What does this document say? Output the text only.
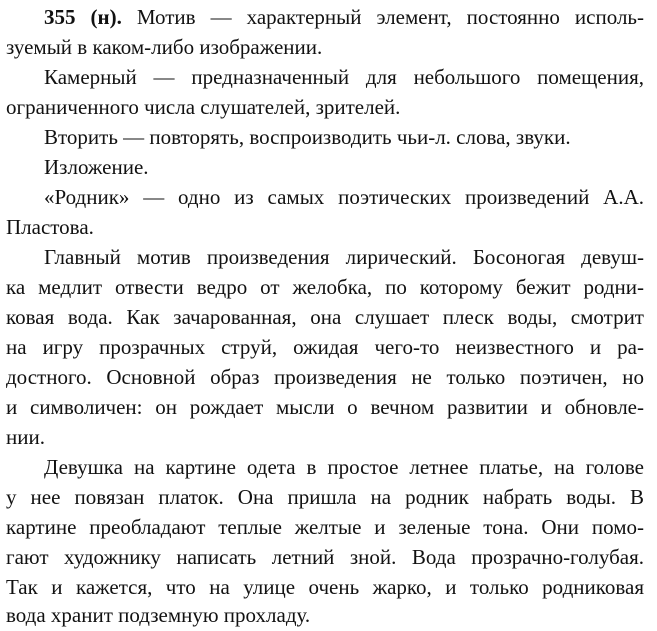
355 (н). Мотив — характерный элемент, постоянно исполь-
зуемый в каком-либо изображении.
Камерный — предназначенный для небольшого помещения,
ограниченного числа слушателей, зрителей.
Вторить — повторять, воспроизводить чьи-л. слова, звуки.
Изложение.
«Родник» — одно из самых поэтических произведений А.А.
Пластова.
Главный мотив произведения лирический. Босоногая девуш-
ка медлит отвести ведро от желобка, по которому бежит родни-
ковая вода. Как зачарованная, она слушает плеск воды, смотрит
на игру прозрачных струй, ожидая чего-то неизвестного и ра-
достного. Основной образ произведения не только поэтичен, но
и символичен: он рождает мысли о вечном развитии и обновле-
нии.
Девушка на картине одета в простое летнее платье, на голове
у нее повязан платок. Она пришла на родник набрать воды. В
картине преобладают теплые желтые и зеленые тона. Они помо-
гают художнику написать летний зной. Вода прозрачно-голубая.
Так и кажется, что на улице очень жарко, и только родниковая
вода хранит подземную прохладу.
